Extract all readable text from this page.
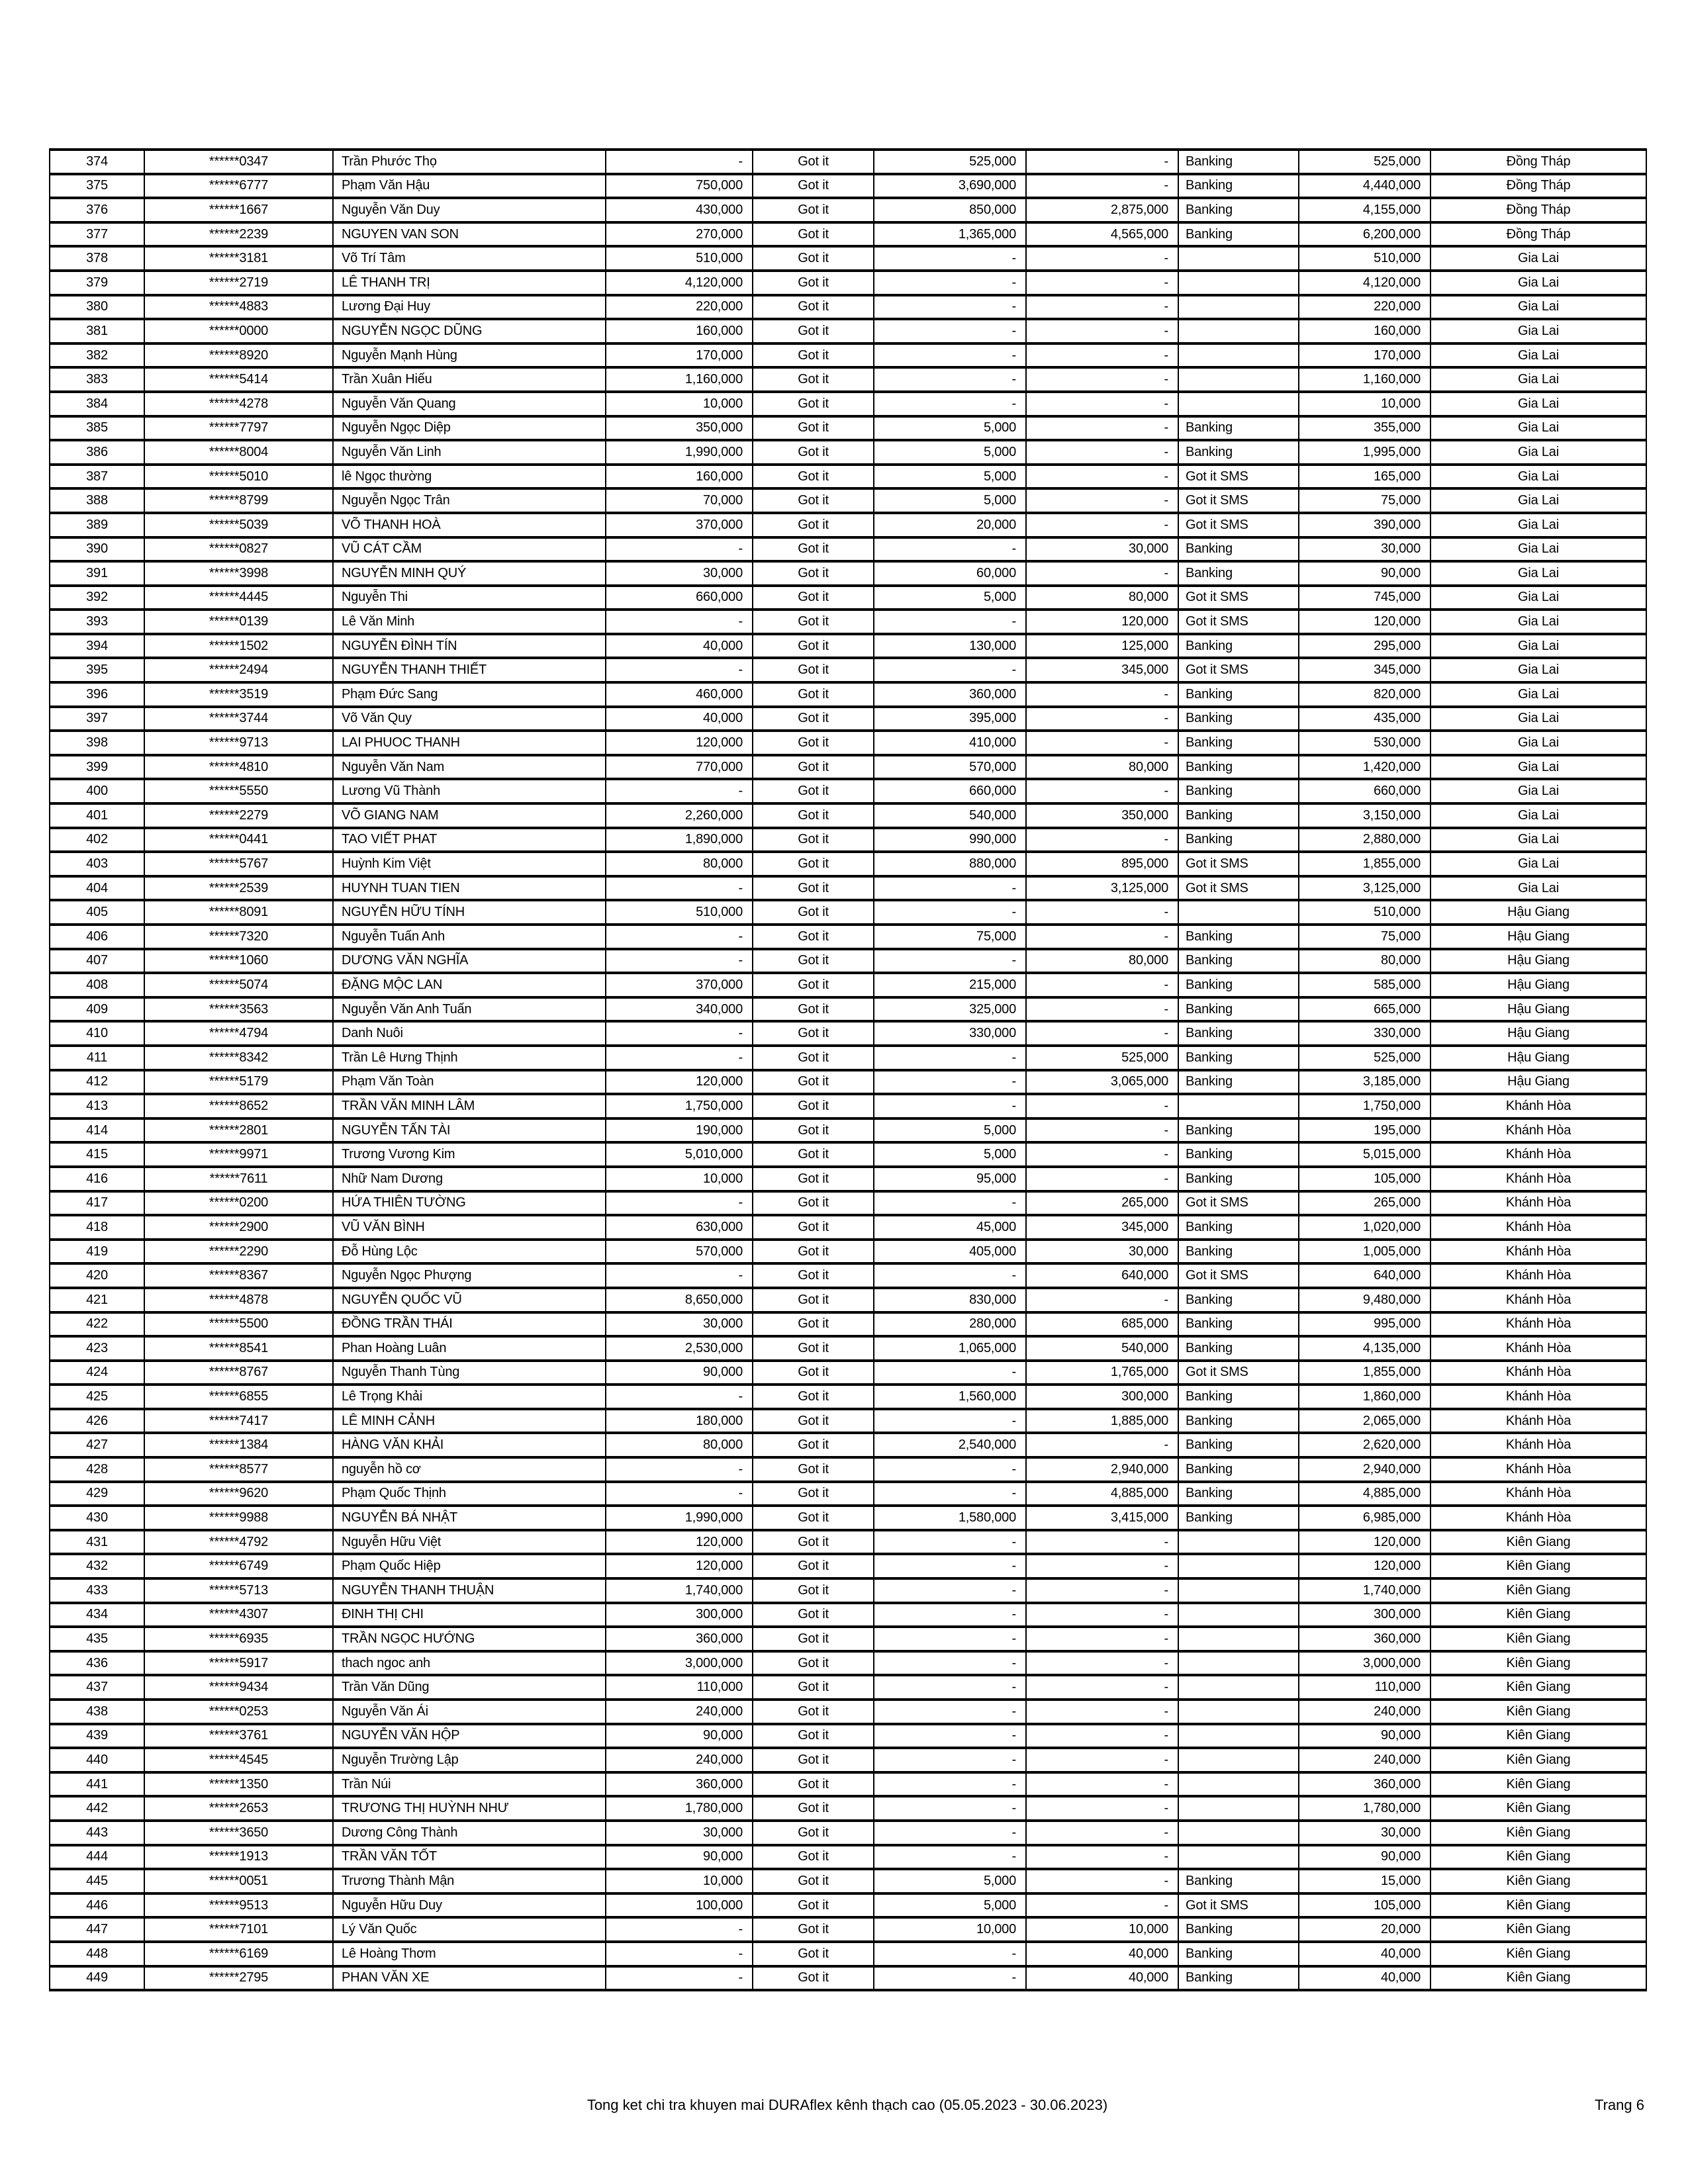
374	******0347	Trần Phước Thọ	-	Got it	525,000	-	Banking	525,000	Đồng Tháp
375	******6777	Phạm Văn Hậu	750,000	Got it	3,690,000	-	Banking	4,440,000	Đồng Tháp
376	******1667	Nguyễn Văn Duy	430,000	Got it	850,000	2,875,000	Banking	4,155,000	Đồng Tháp
377	******2239	NGUYEN VAN SON	270,000	Got it	1,365,000	4,565,000	Banking	6,200,000	Đồng Tháp
378	******3181	Võ Trí Tâm	510,000	Got it	-	-		510,000	Gia Lai
379	******2719	LÊ THANH TRỊ	4,120,000	Got it	-	-		4,120,000	Gia Lai
380	******4883	Lương Đại Huy	220,000	Got it	-	-		220,000	Gia Lai
381	******0000	NGUYỄN NGỌC DŨNG	160,000	Got it	-	-		160,000	Gia Lai
382	******8920	Nguyễn Mạnh Hùng	170,000	Got it	-	-		170,000	Gia Lai
383	******5414	Trần Xuân Hiếu	1,160,000	Got it	-	-		1,160,000	Gia Lai
384	******4278	Nguyễn Văn Quang	10,000	Got it	-	-		10,000	Gia Lai
385	******7797	Nguyễn Ngọc Diệp	350,000	Got it	5,000	-	Banking	355,000	Gia Lai
386	******8004	Nguyễn Văn Linh	1,990,000	Got it	5,000	-	Banking	1,995,000	Gia Lai
387	******5010	lê Ngọc thường	160,000	Got it	5,000	-	Got it SMS	165,000	Gia Lai
388	******8799	Nguyễn Ngọc Trân	70,000	Got it	5,000	-	Got it SMS	75,000	Gia Lai
389	******5039	VÕ THANH HOÀ	370,000	Got it	20,000	-	Got it SMS	390,000	Gia Lai
390	******0827	VŨ CÁT CẦM	-	Got it	-	30,000	Banking	30,000	Gia Lai
391	******3998	NGUYỄN MINH QUÝ	30,000	Got it	60,000	-	Banking	90,000	Gia Lai
392	******4445	Nguyễn Thi	660,000	Got it	5,000	80,000	Got it SMS	745,000	Gia Lai
393	******0139	Lê Văn Minh	-	Got it	-	120,000	Got it SMS	120,000	Gia Lai
394	******1502	NGUYỄN ĐÌNH TÍN	40,000	Got it	130,000	125,000	Banking	295,000	Gia Lai
395	******2494	NGUYỄN THANH THIẾT	-	Got it	-	345,000	Got it SMS	345,000	Gia Lai
396	******3519	Phạm Đức Sang	460,000	Got it	360,000	-	Banking	820,000	Gia Lai
397	******3744	Võ Văn Quy	40,000	Got it	395,000	-	Banking	435,000	Gia Lai
398	******9713	LAI PHUOC THANH	120,000	Got it	410,000	-	Banking	530,000	Gia Lai
399	******4810	Nguyễn Văn Nam	770,000	Got it	570,000	80,000	Banking	1,420,000	Gia Lai
400	******5550	Lương Vũ Thành	-	Got it	660,000	-	Banking	660,000	Gia Lai
401	******2279	VÕ GIANG NAM	2,260,000	Got it	540,000	350,000	Banking	3,150,000	Gia Lai
402	******0441	TAO VIẾT PHAT	1,890,000	Got it	990,000	-	Banking	2,880,000	Gia Lai
403	******5767	Huỳnh Kim Việt	80,000	Got it	880,000	895,000	Got it SMS	1,855,000	Gia Lai
404	******2539	HUYNH TUAN TIEN	-	Got it	-	3,125,000	Got it SMS	3,125,000	Gia Lai
405	******8091	NGUYỄN HỮU TÍNH	510,000	Got it	-	-		510,000	Hậu Giang
406	******7320	Nguyễn Tuấn Anh	-	Got it	75,000	-	Banking	75,000	Hậu Giang
407	******1060	DƯƠNG VĂN NGHĨA	-	Got it	-	80,000	Banking	80,000	Hậu Giang
408	******5074	ĐẶNG MỘC LAN	370,000	Got it	215,000	-	Banking	585,000	Hậu Giang
409	******3563	Nguyễn Văn Anh Tuấn	340,000	Got it	325,000	-	Banking	665,000	Hậu Giang
410	******4794	Danh Nuôi	-	Got it	330,000	-	Banking	330,000	Hậu Giang
411	******8342	Trần Lê Hưng Thịnh	-	Got it	-	525,000	Banking	525,000	Hậu Giang
412	******5179	Phạm Văn Toàn	120,000	Got it	-	3,065,000	Banking	3,185,000	Hậu Giang
413	******8652	TRẦN VĂN MINH LÂM	1,750,000	Got it	-	-		1,750,000	Khánh Hòa
414	******2801	NGUYỄN TẤN TÀI	190,000	Got it	5,000	-	Banking	195,000	Khánh Hòa
415	******9971	Trương Vương Kim	5,010,000	Got it	5,000	-	Banking	5,015,000	Khánh Hòa
416	******7611	Nhữ Nam Dương	10,000	Got it	95,000	-	Banking	105,000	Khánh Hòa
417	******0200	HỨA THIÊN TƯỜNG	-	Got it	-	265,000	Got it SMS	265,000	Khánh Hòa
418	******2900	VŨ VĂN BÌNH	630,000	Got it	45,000	345,000	Banking	1,020,000	Khánh Hòa
419	******2290	Đỗ Hùng Lộc	570,000	Got it	405,000	30,000	Banking	1,005,000	Khánh Hòa
420	******8367	Nguyễn Ngọc Phượng	-	Got it	-	640,000	Got it SMS	640,000	Khánh Hòa
421	******4878	NGUYỄN QUỐC VŨ	8,650,000	Got it	830,000	-	Banking	9,480,000	Khánh Hòa
422	******5500	ĐỒNG TRẦN THÁI	30,000	Got it	280,000	685,000	Banking	995,000	Khánh Hòa
423	******8541	Phan Hoàng Luân	2,530,000	Got it	1,065,000	540,000	Banking	4,135,000	Khánh Hòa
424	******8767	Nguyễn Thanh Tùng	90,000	Got it	-	1,765,000	Got it SMS	1,855,000	Khánh Hòa
425	******6855	Lê Trọng Khải	-	Got it	1,560,000	300,000	Banking	1,860,000	Khánh Hòa
426	******7417	LÊ MINH CẢNH	180,000	Got it	-	1,885,000	Banking	2,065,000	Khánh Hòa
427	******1384	HÀNG VĂN KHẢI	80,000	Got it	2,540,000	-	Banking	2,620,000	Khánh Hòa
428	******8577	nguyễn hồ cơ	-	Got it	-	2,940,000	Banking	2,940,000	Khánh Hòa
429	******9620	Phạm Quốc Thịnh	-	Got it	-	4,885,000	Banking	4,885,000	Khánh Hòa
430	******9988	NGUYỄN BÁ NHẬT	1,990,000	Got it	1,580,000	3,415,000	Banking	6,985,000	Khánh Hòa
431	******4792	Nguyễn Hữu Việt	120,000	Got it	-	-		120,000	Kiên Giang
432	******6749	Phạm Quốc Hiệp	120,000	Got it	-	-		120,000	Kiên Giang
433	******5713	NGUYỄN THANH THUẬN	1,740,000	Got it	-	-		1,740,000	Kiên Giang
434	******4307	ĐINH THỊ CHI	300,000	Got it	-	-		300,000	Kiên Giang
435	******6935	TRẦN NGỌC HƯỚNG	360,000	Got it	-	-		360,000	Kiên Giang
436	******5917	thach ngoc anh	3,000,000	Got it	-	-		3,000,000	Kiên Giang
437	******9434	Trần Văn Dũng	110,000	Got it	-	-		110,000	Kiên Giang
438	******0253	Nguyễn Văn Ái	240,000	Got it	-	-		240,000	Kiên Giang
439	******3761	NGUYỄN VĂN HỘP	90,000	Got it	-	-		90,000	Kiên Giang
440	******4545	Nguyễn Trường Lập	240,000	Got it	-	-		240,000	Kiên Giang
441	******1350	Trần Núi	360,000	Got it	-	-		360,000	Kiên Giang
442	******2653	TRƯƠNG THỊ HUỲNH NHƯ	1,780,000	Got it	-	-		1,780,000	Kiên Giang
443	******3650	Dương Công Thành	30,000	Got it	-	-		30,000	Kiên Giang
444	******1913	TRẦN VĂN TỐT	90,000	Got it	-	-		90,000	Kiên Giang
445	******0051	Trương Thành Mận	10,000	Got it	5,000	-	Banking	15,000	Kiên Giang
446	******9513	Nguyễn Hữu Duy	100,000	Got it	5,000	-	Got it SMS	105,000	Kiên Giang
447	******7101	Lý Văn Quốc	-	Got it	10,000	10,000	Banking	20,000	Kiên Giang
448	******6169	Lê Hoàng Thơm	-	Got it	-	40,000	Banking	40,000	Kiên Giang
449	******2795	PHAN VĂN XE	-	Got it	-	40,000	Banking	40,000	Kiên Giang
Tong ket chi tra khuyen mai DURAflex kênh thạch cao (05.05.2023 - 30.06.2023)	Trang 6
